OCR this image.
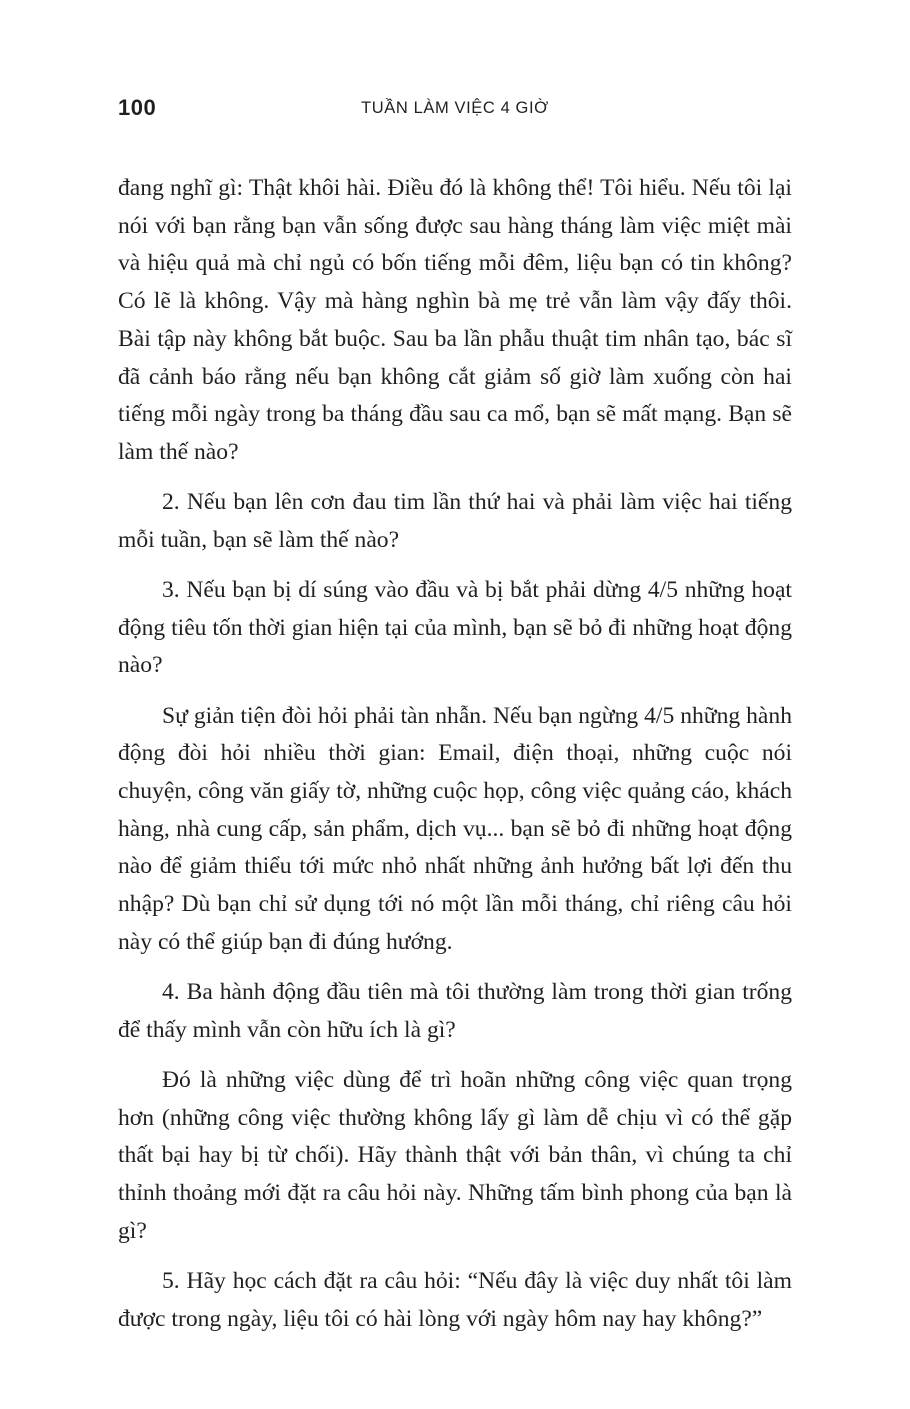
100	TUẦN LÀM VIỆC 4 GIỜ

đang nghĩ gì: Thật khôi hài. Điều đó là không thể! Tôi hiểu. Nếu tôi lại nói với bạn rằng bạn vẫn sống được sau hàng tháng làm việc miệt mài và hiệu quả mà chỉ ngủ có bốn tiếng mỗi đêm, liệu bạn có tin không? Có lẽ là không. Vậy mà hàng nghìn bà mẹ trẻ vẫn làm vậy đấy thôi. Bài tập này không bắt buộc. Sau ba lần phẫu thuật tim nhân tạo, bác sĩ đã cảnh báo rằng nếu bạn không cắt giảm số giờ làm xuống còn hai tiếng mỗi ngày trong ba tháng đầu sau ca mổ, bạn sẽ mất mạng. Bạn sẽ làm thế nào?

2. Nếu bạn lên cơn đau tim lần thứ hai và phải làm việc hai tiếng mỗi tuần, bạn sẽ làm thế nào?

3. Nếu bạn bị dí súng vào đầu và bị bắt phải dừng 4/5 những hoạt động tiêu tốn thời gian hiện tại của mình, bạn sẽ bỏ đi những hoạt động nào?

Sự giản tiện đòi hỏi phải tàn nhẫn. Nếu bạn ngừng 4/5 những hành động đòi hỏi nhiều thời gian: Email, điện thoại, những cuộc nói chuyện, công văn giấy tờ, những cuộc họp, công việc quảng cáo, khách hàng, nhà cung cấp, sản phẩm, dịch vụ... bạn sẽ bỏ đi những hoạt động nào để giảm thiểu tới mức nhỏ nhất những ảnh hưởng bất lợi đến thu nhập? Dù bạn chỉ sử dụng tới nó một lần mỗi tháng, chỉ riêng câu hỏi này có thể giúp bạn đi đúng hướng.

4. Ba hành động đầu tiên mà tôi thường làm trong thời gian trống để thấy mình vẫn còn hữu ích là gì?

Đó là những việc dùng để trì hoãn những công việc quan trọng hơn (những công việc thường không lấy gì làm dễ chịu vì có thể gặp thất bại hay bị từ chối). Hãy thành thật với bản thân, vì chúng ta chỉ thỉnh thoảng mới đặt ra câu hỏi này. Những tấm bình phong của bạn là gì?

5. Hãy học cách đặt ra câu hỏi: “Nếu đây là việc duy nhất tôi làm được trong ngày, liệu tôi có hài lòng với ngày hôm nay hay không?”
